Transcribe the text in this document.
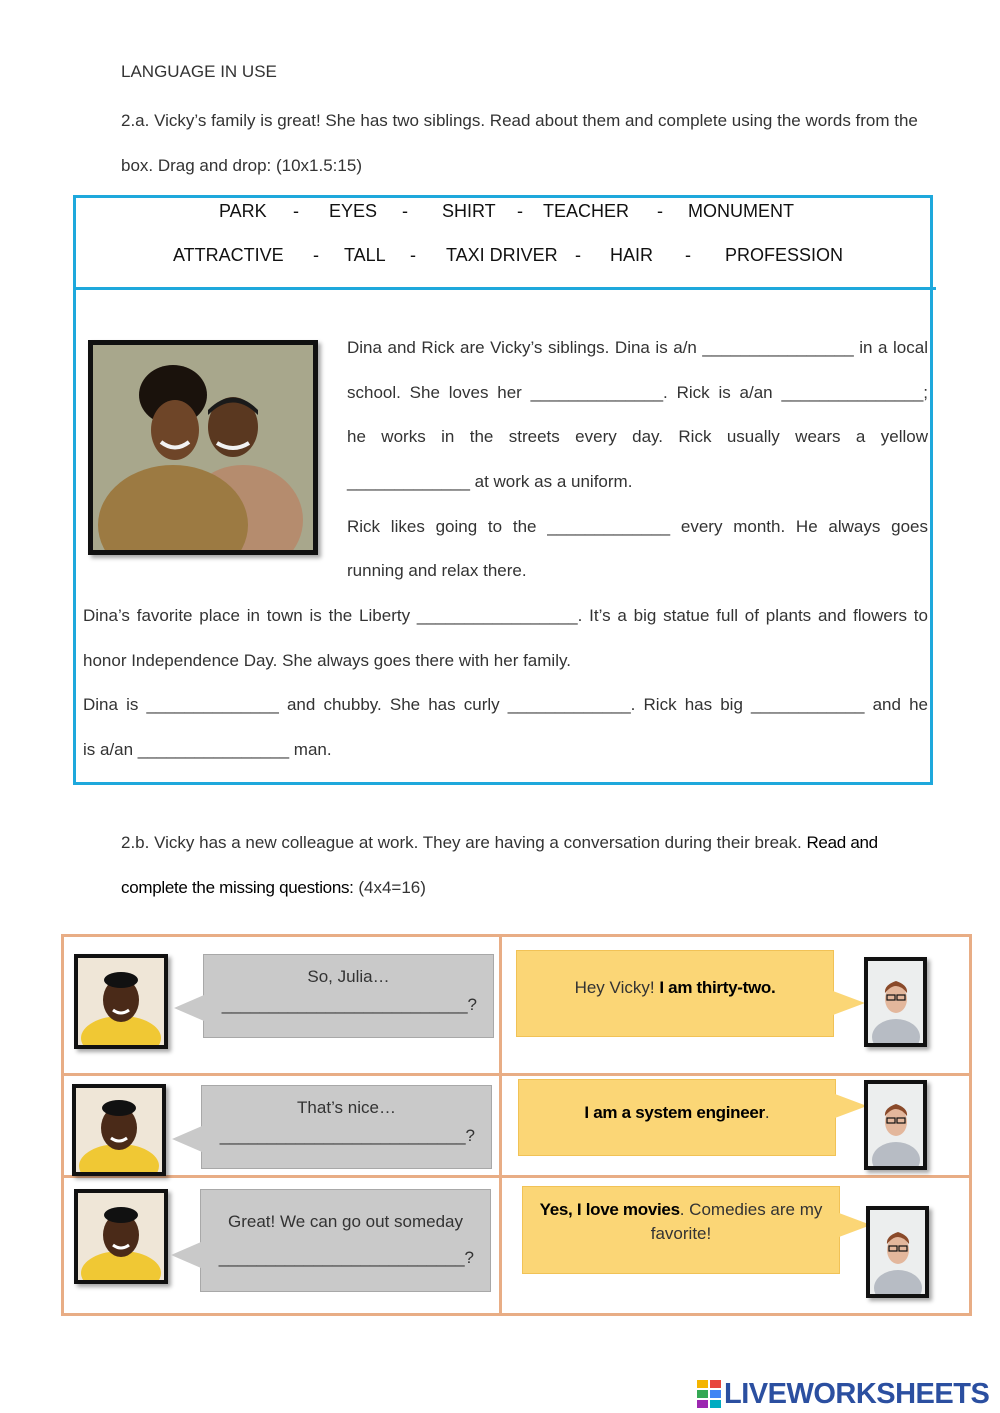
LANGUAGE IN USE
2.a. Vicky’s family is great! She has two siblings. Read about them and complete using the words from the box. Drag and drop: (10x1.5:15)
PARK - EYES - SHIRT - TEACHER - MONUMENT
ATTRACTIVE - TALL - TAXI DRIVER - HAIR - PROFESSION
Dina and Rick are Vicky’s siblings. Dina is a/n ________________ in a local
school. She loves her ______________. Rick is a/an _______________;
he works in the streets every day. Rick usually wears a yellow
_____________ at work as a uniform.
Rick likes going to the _____________ every month. He always goes
running and relax there.
Dina’s favorite place in town is the Liberty _________________. It’s a big statue full of plants and flowers to
honor Independence Day. She always goes there with her family.
Dina is ______________ and chubby. She has curly _____________. Rick has big ____________ and he
is a/an ________________ man.
2.b. Vicky has a new colleague at work. They are having a conversation during their break. Read and complete the missing questions: (4x4=16)
So, Julia…
__________________________?
Hey Vicky! I am thirty-two.
That’s nice…
__________________________?
I am a system engineer.
Great! We can go out someday
__________________________?
Yes, I love movies. Comedies are my favorite!
LIVEWORKSHEETS
